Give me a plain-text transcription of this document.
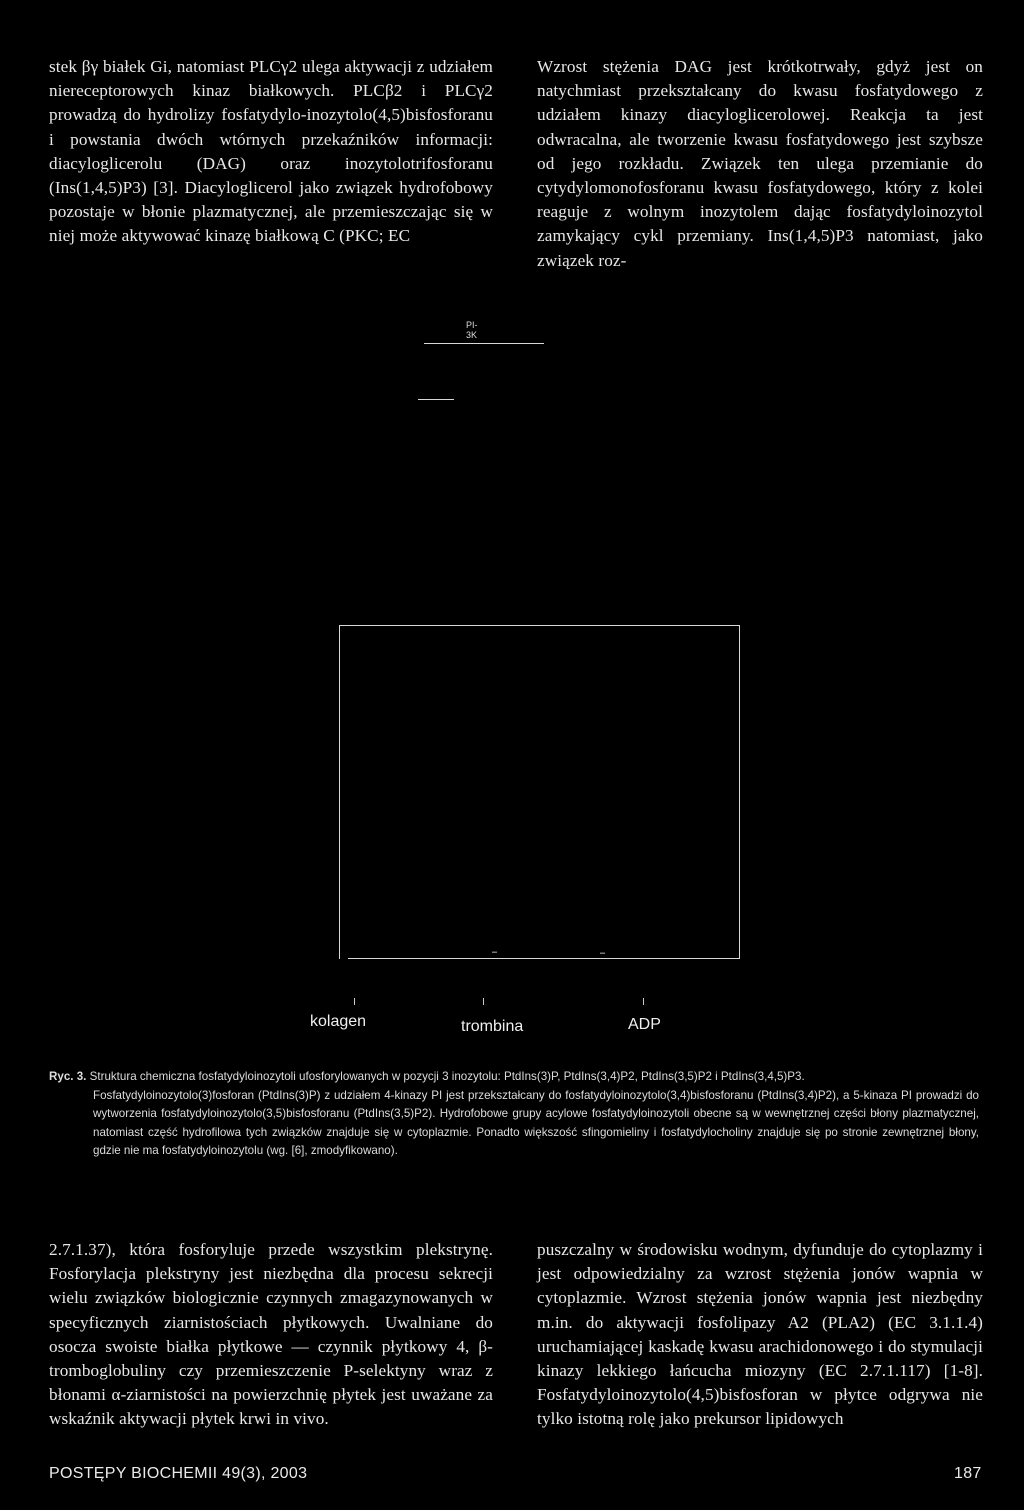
stek βγ białek Gi, natomiast PLCγ2 ulega aktywacji z udziałem niereceptorowych kinaz białkowych. PLCβ2 i PLCγ2 prowadzą do hydrolizy fosfatydylo-inozytolo(4,5)bisfosforanu i powstania dwóch wtórnych przekaźników informacji: diacyloglicerolu (DAG) oraz inozytolotrifosforanu (Ins(1,4,5)P3) [3]. Diacyloglicerol jako związek hydrofobowy pozostaje w błonie plazmatycznej, ale przemieszczając się w niej może aktywować kinazę białkową C (PKC; EC

Wzrost stężenia DAG jest krótkotrwały, gdyż jest on natychmiast przekształcany do kwasu fosfatydowego z udziałem kinazy diacyloglicerolowej. Reakcja ta jest odwracalna, ale tworzenie kwasu fosfatydowego jest szybsze od jego rozkładu. Związek ten ulega przemianie do cytydylomonofosforanu kwasu fosfatydowego, który z kolei reaguje z wolnym inozytolem dając fosfatydyloinozytol zamykający cykl przemiany. Ins(1,4,5)P3 natomiast, jako związek roz-

PI-3K
▬	▬
kolagen	trombina	ADP
Ryc. 3. Struktura chemiczna fosfatydyloinozytoli ufosforylowanych w pozycji 3 inozytolu: PtdIns(3)P, PtdIns(3,4)P2, PtdIns(3,5)P2 i PtdIns(3,4,5)P3.
Fosfatydyloinozytolo(3)fosforan (PtdIns(3)P) z udziałem 4-kinazy PI jest przekształcany do fosfatydyloinozytolo(3,4)bisfosforanu (PtdIns(3,4)P2), a 5-kinaza PI prowadzi do wytworzenia fosfatydyloinozytolo(3,5)bisfosforanu (PtdIns(3,5)P2). Hydrofobowe grupy acylowe fosfatydyloinozytoli obecne są w wewnętrznej części błony plazmatycznej, natomiast część hydrofilowa tych związków znajduje się w cytoplazmie. Ponadto większość sfingomieliny i fosfatydylocholiny znajduje się po stronie zewnętrznej błony, gdzie nie ma fosfatydyloinozytolu (wg. [6], zmodyfikowano).

2.7.1.37), która fosforyluje przede wszystkim plekstrynę. Fosforylacja plekstryny jest niezbędna dla procesu sekrecji wielu związków biologicznie czynnych zmagazynowanych w specyficznych ziarnistościach płytkowych. Uwalniane do osocza swoiste białka płytkowe — czynnik płytkowy 4, β-tromboglobuliny czy przemieszczenie P-selektyny wraz z błonami α-ziarnistości na powierzchnię płytek jest uważane za wskaźnik aktywacji płytek krwi in vivo.

puszczalny w środowisku wodnym, dyfunduje do cytoplazmy i jest odpowiedzialny za wzrost stężenia jonów wapnia w cytoplazmie. Wzrost stężenia jonów wapnia jest niezbędny m.in. do aktywacji fosfolipazy A2 (PLA2) (EC 3.1.1.4) uruchamiającej kaskadę kwasu arachidonowego i do stymulacji kinazy lekkiego łańcucha miozyny (EC 2.7.1.117) [1-8]. Fosfatydyloinozytolo(4,5)bisfosforan w płytce odgrywa nie tylko istotną rolę jako prekursor lipidowych

POSTĘPY BIOCHEMII 49(3), 2003	187
